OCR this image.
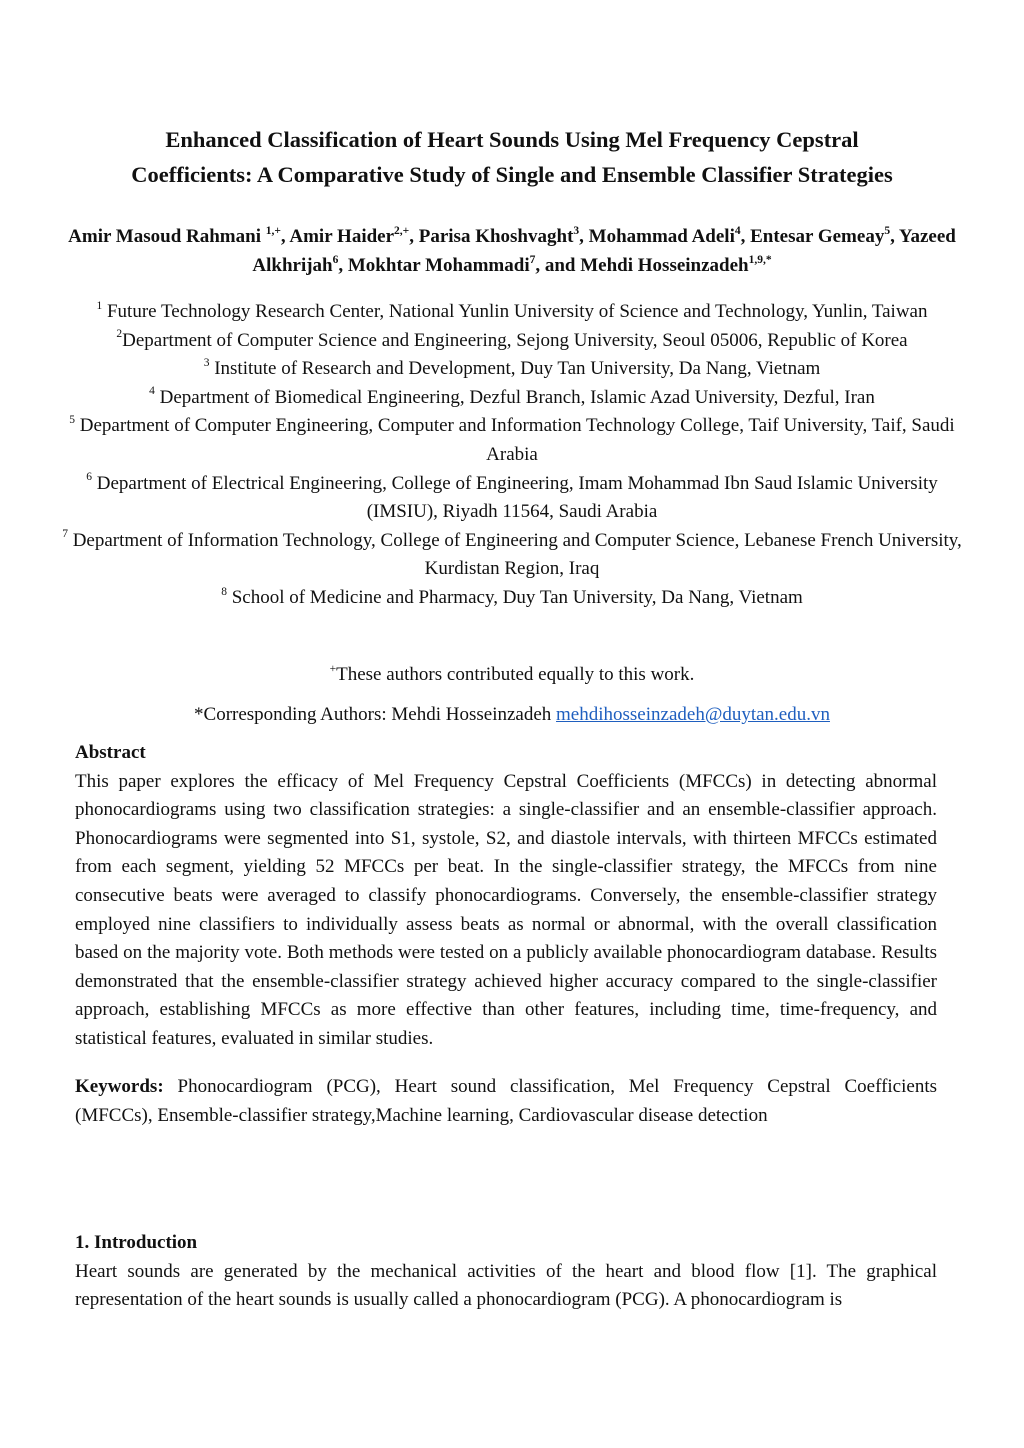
Enhanced Classification of Heart Sounds Using Mel Frequency Cepstral
Coefficients: A Comparative Study of Single and Ensemble Classifier Strategies
Amir Masoud Rahmani $^{1,+}$, Amir Haider$^{2,+}$, Parisa Khoshvaght$^3$, Mohammad Adeli$^4$, Entesar Gemeay$^5$, Yazeed Alkhrijah$^6$, Mokhtar Mohammadi$^7$, and Mehdi Hosseinzadeh$^{1,9,*}$

$^1$ Future Technology Research Center, National Yunlin University of Science and Technology, Yunlin, Taiwan

$^2$Department of Computer Science and Engineering, Sejong University, Seoul 05006, Republic of Korea

$^3$ Institute of Research and Development, Duy Tan University, Da Nang, Vietnam

$^4$ Department of Biomedical Engineering, Dezful Branch, Islamic Azad University, Dezful, Iran

$^5$ Department of Computer Engineering, Computer and Information Technology College, Taif University, Taif, Saudi Arabia

$^6$ Department of Electrical Engineering, College of Engineering, Imam Mohammad Ibn Saud Islamic University (IMSIU), Riyadh 11564, Saudi Arabia

$^7$ Department of Information Technology, College of Engineering and Computer Science, Lebanese French University, Kurdistan Region, Iraq

$^8$ School of Medicine and Pharmacy, Duy Tan University, Da Nang, Vietnam

+These authors contributed equally to this work.
*Corresponding Authors: Mehdi Hosseinzadeh mehdihosseinzadeh@duytan.edu.vn
Abstract

This paper explores the efficacy of Mel Frequency Cepstral Coefficients (MFCCs) in detecting abnormal phonocardiograms using two classification strategies: a single-classifier and an ensemble-classifier approach. Phonocardiograms were segmented into S1, systole, S2, and diastole intervals, with thirteen MFCCs estimated from each segment, yielding 52 MFCCs per beat. In the single-classifier strategy, the MFCCs from nine consecutive beats were averaged to classify phonocardiograms. Conversely, the ensemble-classifier strategy employed nine classifiers to individually assess beats as normal or abnormal, with the overall classification based on the majority vote. Both methods were tested on a publicly available phonocardiogram database. Results demonstrated that the ensemble-classifier strategy achieved higher accuracy compared to the single-classifier approach, establishing MFCCs as more effective than other features, including time, time-frequency, and statistical features, evaluated in similar studies.

Keywords: Phonocardiogram (PCG), Heart sound classification, Mel Frequency Cepstral Coefficients (MFCCs), Ensemble-classifier strategy,Machine learning, Cardiovascular disease detection

1. Introduction

Heart sounds are generated by the mechanical activities of the heart and blood flow [1]. The graphical representation of the heart sounds is usually called a phonocardiogram (PCG). A phonocardiogram is
